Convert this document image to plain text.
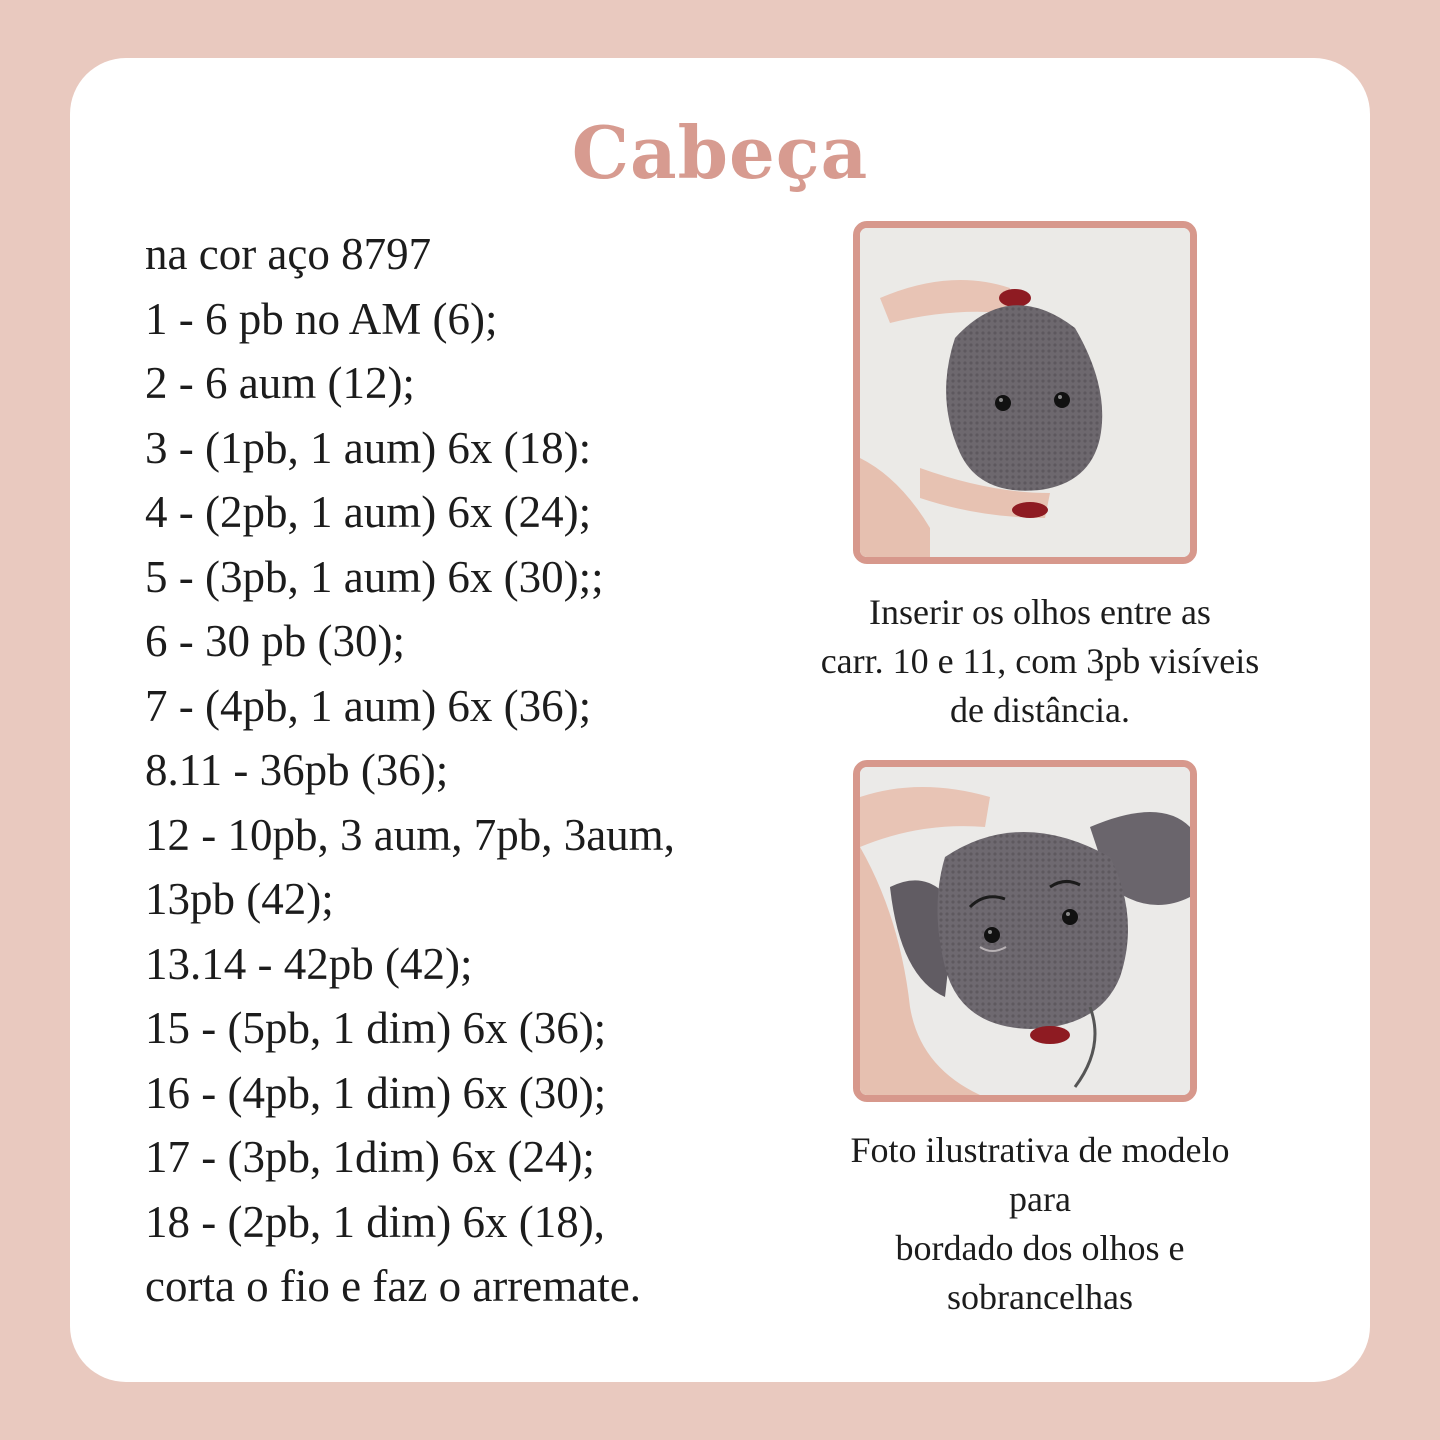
Cabeça
na cor aço 8797
1 - 6 pb no AM (6);
2 - 6 aum (12);
3 - (1pb, 1 aum) 6x (18):
4 - (2pb, 1 aum) 6x (24);
5 - (3pb, 1 aum) 6x (30);;
6 - 30 pb (30);
7 - (4pb, 1 aum) 6x (36);
8.11 - 36pb (36);
12 - 10pb, 3 aum, 7pb, 3aum,
13pb (42);
13.14 - 42pb (42);
15 - (5pb, 1 dim) 6x (36);
16 - (4pb, 1 dim) 6x (30);
17 - (3pb, 1dim) 6x (24);
18 - (2pb, 1 dim) 6x (18),
corta o fio e faz o arremate.
Inserir os olhos entre as
carr. 10 e 11, com 3pb visíveis
de distância.
Foto ilustrativa de modelo
para
bordado dos olhos e
sobrancelhas
